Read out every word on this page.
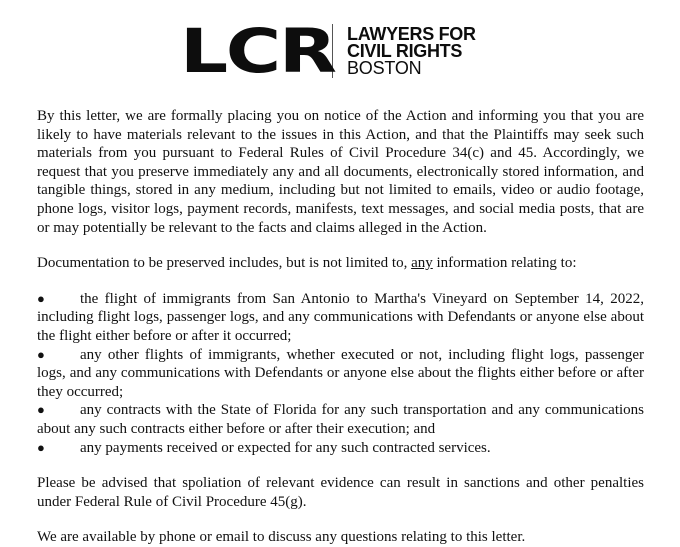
LCR LAWYERS FOR
CIVIL RIGHTS
BOSTON

By this letter, we are formally placing you on notice of the Action and informing you that you are likely to have materials relevant to the issues in this Action, and that the Plaintiffs may seek such materials from you pursuant to Federal Rules of Civil Procedure 34(c) and 45. Accordingly, we request that you preserve immediately any and all documents, electronically stored information, and tangible things, stored in any medium, including but not limited to emails, video or audio footage, phone logs, visitor logs, payment records, manifests, text messages, and social media posts, that are or may potentially be relevant to the facts and claims alleged in the Action.

Documentation to be preserved includes, but is not limited to, any information relating to:

● the flight of immigrants from San Antonio to Martha's Vineyard on September 14, 2022, including flight logs, passenger logs, and any communications with Defendants or anyone else about the flight either before or after it occurred;

● any other flights of immigrants, whether executed or not, including flight logs, passenger logs, and any communications with Defendants or anyone else about the flights either before or after they occurred;

● any contracts with the State of Florida for any such transportation and any communications about any such contracts either before or after their execution; and

● any payments received or expected for any such contracted services.

Please be advised that spoliation of relevant evidence can result in sanctions and other penalties under Federal Rule of Civil Procedure 45(g).

We are available by phone or email to discuss any questions relating to this letter.
